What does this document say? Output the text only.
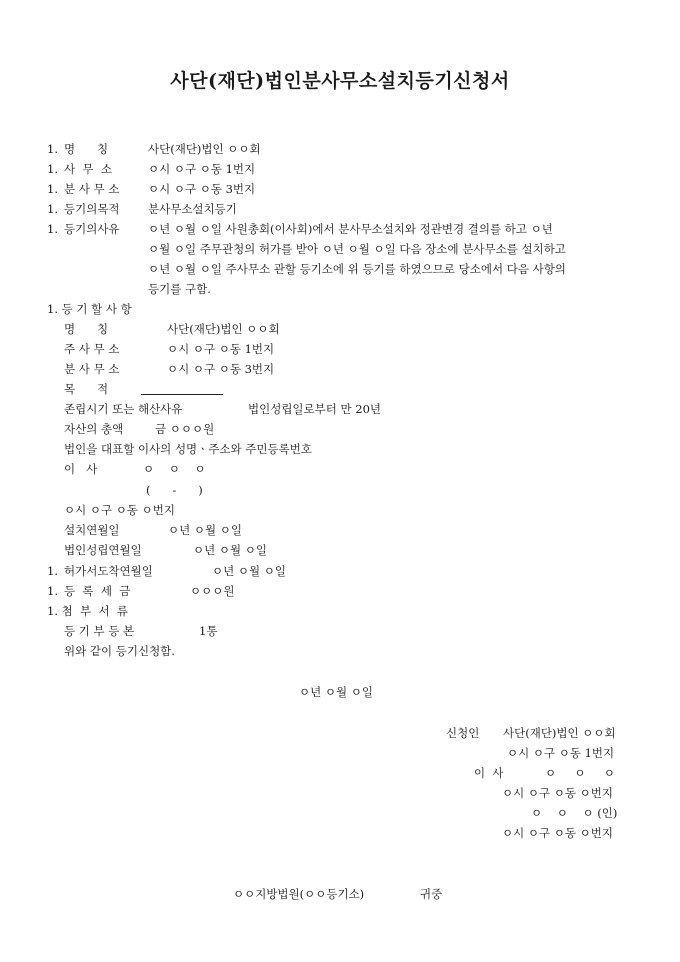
사단(재단)법인분사무소설치등기신청서
1. 명      칭	사단(재단)법인 ㅇㅇ회
1. 사  무  소	ㅇ시 ㅇ구 ㅇ동 1번지
1. 분 사 무 소 ㅇ시 ㅇ구 ㅇ동 3번지
1. 등기의목적 분사무소설치등기
1. 등기의사유 ㅇ년 ㅇ월 ㅇ일 사원총회(이사회)에서 분사무소설치와 정관변경 결의를 하고 ㅇ년
ㅇ월 ㅇ일 주무관청의 허가를 받아 ㅇ년 ㅇ월 ㅇ일 다음 장소에 분사무소를 설치하고
ㅇ년 ㅇ월 ㅇ일 주사무소 관할 등기소에 위 등기를 하였으므로 당소에서 다음 사항의
등기를 구함.
1. 등 기 할 사 항
명      칭	사단(재단)법인 ㅇㅇ회
주 사 무 소	ㅇ시 ㅇ구 ㅇ동 1번지
분 사 무 소	ㅇ시 ㅇ구 ㅇ동 3번지
목      적
존립시기 또는 해산사유	법인성립일로부터 만 20년
자산의 총액	금 ㅇㅇㅇ원
법인을 대표할 이사의 성명ㆍ주소와 주민등록번호
이   사	ㅇ    ㅇ    ㅇ
(      -      )
ㅇ시 ㅇ구 ㅇ동 ㅇ번지
설치연월일	ㅇ년 ㅇ월 ㅇ일
법인성립연월일	ㅇ년 ㅇ월 ㅇ일
1. 허가서도착연월일	ㅇ년 ㅇ월 ㅇ일
1. 등  록  세  금	ㅇㅇㅇ원
1. 첨  부  서  류
등 기 부 등 본	1통
위와 같이 등기신청함.
ㅇ년 ㅇ월 ㅇ일
신청인 사단(재단)법인 ㅇㅇ회
ㅇ시 ㅇ구 ㅇ동 1번지
이  사	ㅇ     ㅇ     ㅇ
ㅇ시 ㅇ구 ㅇ동 ㅇ번지
ㅇ    ㅇ    ㅇ (인)
ㅇ시 ㅇ구 ㅇ동 ㅇ번지
ㅇㅇ지방법원(ㅇㅇ등기소)	귀중
